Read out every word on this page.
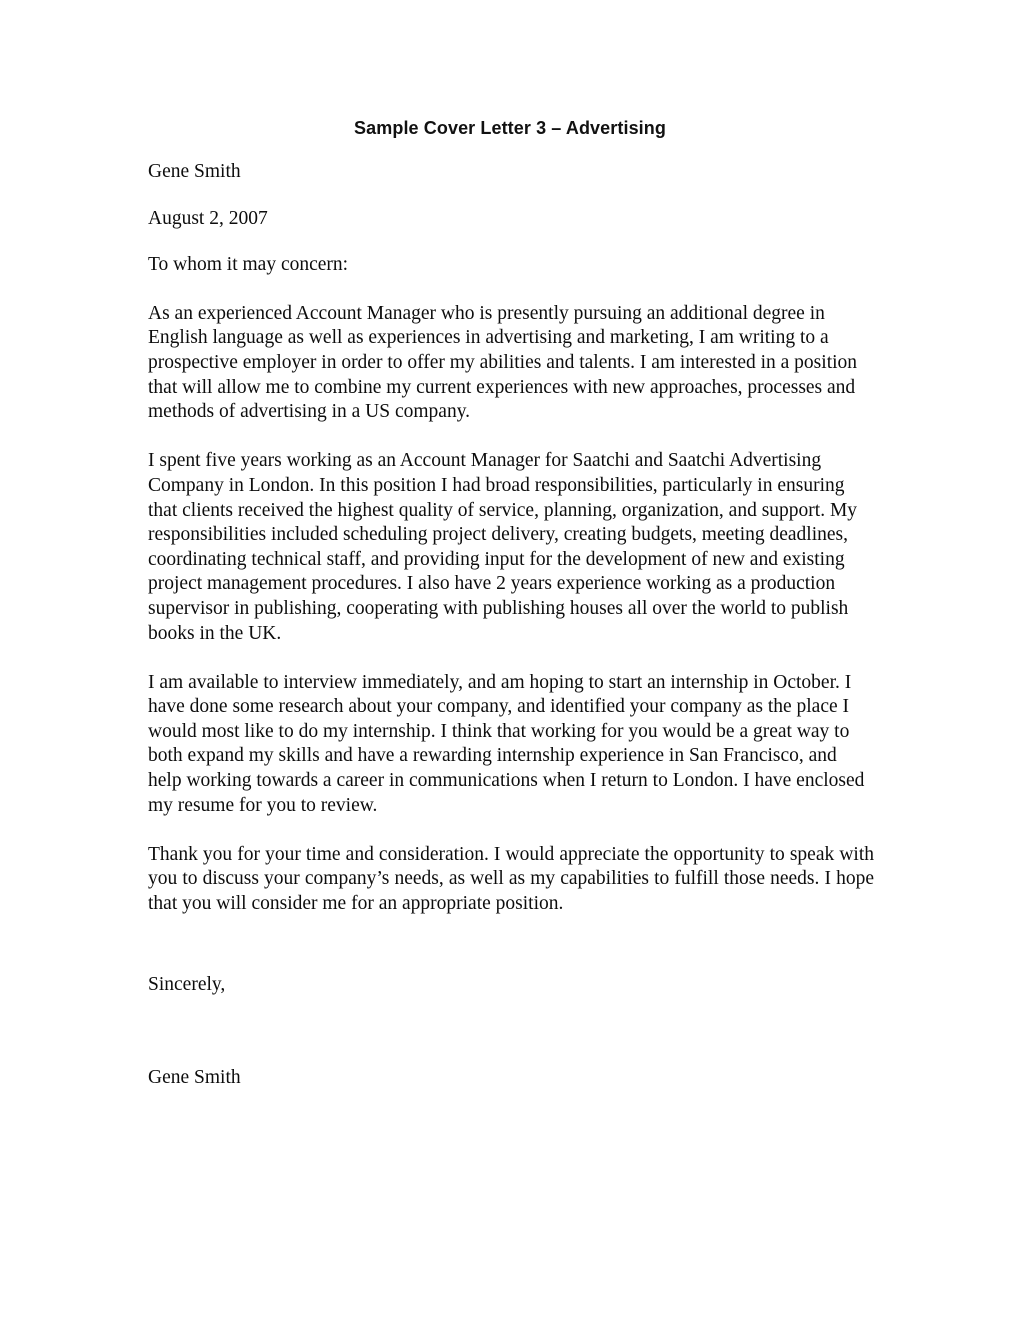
Sample Cover Letter 3 – Advertising

Gene Smith

August 2, 2007

To whom it may concern:

As an experienced Account Manager who is presently pursuing an additional degree in English language as well as experiences in advertising and marketing, I am writing to a prospective employer in order to offer my abilities and talents. I am interested in a position that will allow me to combine my current experiences with new approaches, processes and methods of advertising in a US company.

I spent five years working as an Account Manager for Saatchi and Saatchi Advertising Company in London. In this position I had broad responsibilities, particularly in ensuring that clients received the highest quality of service, planning, organization, and support. My responsibilities included scheduling project delivery, creating budgets, meeting deadlines, coordinating technical staff, and providing input for the development of new and existing project management procedures. I also have 2 years experience working as a production supervisor in publishing, cooperating with publishing houses all over the world to publish books in the UK.

I am available to interview immediately, and am hoping to start an internship in October. I have done some research about your company, and identified your company as the place I would most like to do my internship. I think that working for you would be a great way to both expand my skills and have a rewarding internship experience in San Francisco, and help working towards a career in communications when I return to London. I have enclosed my resume for you to review.

Thank you for your time and consideration. I would appreciate the opportunity to speak with you to discuss your company’s needs, as well as my capabilities to fulfill those needs. I hope that you will consider me for an appropriate position.

Sincerely,

Gene Smith
